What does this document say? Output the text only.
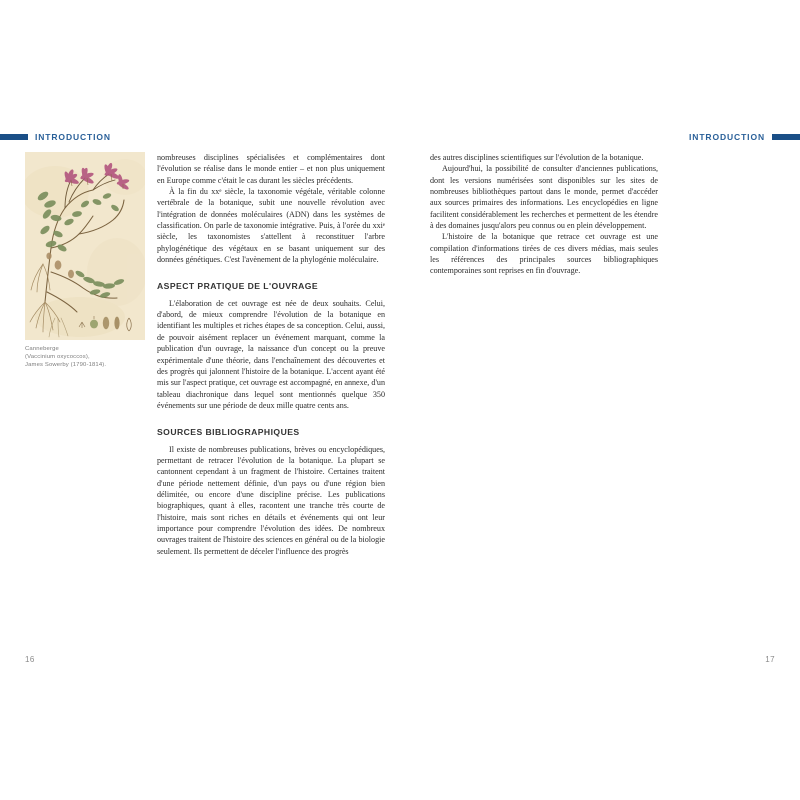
INTRODUCTION
Canneberge
(Vaccinium oxycoccos),
James Sowerby (1790-1814).

nombreuses disciplines spécialisées et complémentaires dont l'évolution se réalise dans le monde entier – et non plus uniquement en Europe comme c'était le cas durant les siècles précédents.

À la fin du xxᵉ siècle, la taxonomie végétale, véritable colonne vertébrale de la botanique, subit une nouvelle révolution avec l'intégration de données moléculaires (ADN) dans les systèmes de classification. On parle de taxonomie intégrative. Puis, à l'orée du xxiᵉ siècle, les taxonomistes s'attellent à reconstituer l'arbre phylogénétique des végétaux en se basant uniquement sur des données génétiques. C'est l'avènement de la phylogénie moléculaire.

ASPECT PRATIQUE DE L'OUVRAGE

L'élaboration de cet ouvrage est née de deux souhaits. Celui, d'abord, de mieux comprendre l'évolution de la botanique en identifiant les multiples et riches étapes de sa conception. Celui, aussi, de pouvoir aisément replacer un événement marquant, comme la publication d'un ouvrage, la naissance d'un concept ou la preuve expérimentale d'une théorie, dans l'enchaînement des découvertes et des progrès qui jalonnent l'histoire de la botanique. L'accent ayant été mis sur l'aspect pratique, cet ouvrage est accompagné, en annexe, d'un tableau diachronique dans lequel sont mentionnés quelque 350 événements sur une période de deux mille quatre cents ans.

SOURCES BIBLIOGRAPHIQUES

Il existe de nombreuses publications, brèves ou encyclopédiques, permettant de retracer l'évolution de la botanique. La plupart se cantonnent cependant à un fragment de l'histoire. Certaines traitent d'une période nettement définie, d'un pays ou d'une région bien délimitée, ou encore d'une discipline précise. Les publications biographiques, quant à elles, racontent une tranche très courte de l'histoire, mais sont riches en détails et événements qui ont leur importance pour comprendre l'évolution des idées. De nombreux ouvrages traitent de l'histoire des sciences en général ou de la biologie seulement. Ils permettent de déceler l'influence des progrès

16
INTRODUCTION

des autres disciplines scientifiques sur l'évolution de la botanique.

Aujourd'hui, la possibilité de consulter d'anciennes publications, dont les versions numérisées sont disponibles sur les sites de nombreuses bibliothèques partout dans le monde, permet d'accéder aux sources primaires des informations. Les encyclopédies en ligne facilitent considérablement les recherches et permettent de les étendre à des domaines jusqu'alors peu connus ou en plein développement.

L'histoire de la botanique que retrace cet ouvrage est une compilation d'informations tirées de ces divers médias, mais seules les références des principales sources bibliographiques contemporaines sont reprises en fin d'ouvrage.

17
